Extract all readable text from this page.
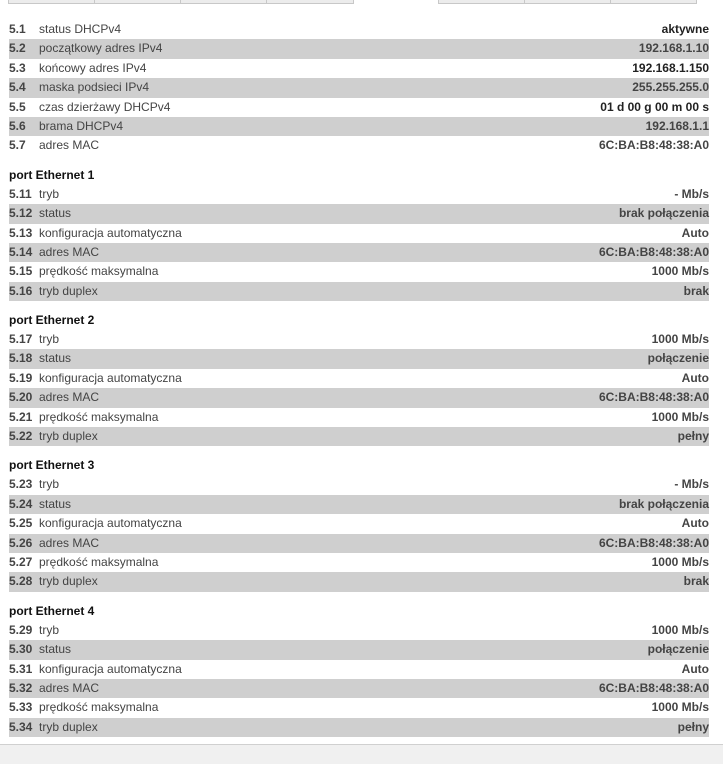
5.1 status DHCPv4	aktywne
5.2 początkowy adres IPv4	192.168.1.10
5.3 końcowy adres IPv4	192.168.1.150
5.4 maska podsieci IPv4	255.255.255.0
5.5 czas dzierżawy DHCPv4	01 d 00 g 00 m 00 s
5.6 brama DHCPv4	192.168.1.1
5.7 adres MAC	6C:BA:B8:48:38:A0
port Ethernet 1
5.11 tryb	- Mb/s
5.12 status	brak połączenia
5.13 konfiguracja automatyczna	Auto
5.14 adres MAC	6C:BA:B8:48:38:A0
5.15 prędkość maksymalna	1000 Mb/s
5.16 tryb duplex	brak
port Ethernet 2
5.17 tryb	1000 Mb/s
5.18 status	połączenie
5.19 konfiguracja automatyczna	Auto
5.20 adres MAC	6C:BA:B8:48:38:A0
5.21 prędkość maksymalna	1000 Mb/s
5.22 tryb duplex	pełny
port Ethernet 3
5.23 tryb	- Mb/s
5.24 status	brak połączenia
5.25 konfiguracja automatyczna	Auto
5.26 adres MAC	6C:BA:B8:48:38:A0
5.27 prędkość maksymalna	1000 Mb/s
5.28 tryb duplex	brak
port Ethernet 4
5.29 tryb	1000 Mb/s
5.30 status	połączenie
5.31 konfiguracja automatyczna	Auto
5.32 adres MAC	6C:BA:B8:48:38:A0
5.33 prędkość maksymalna	1000 Mb/s
5.34 tryb duplex	pełny
